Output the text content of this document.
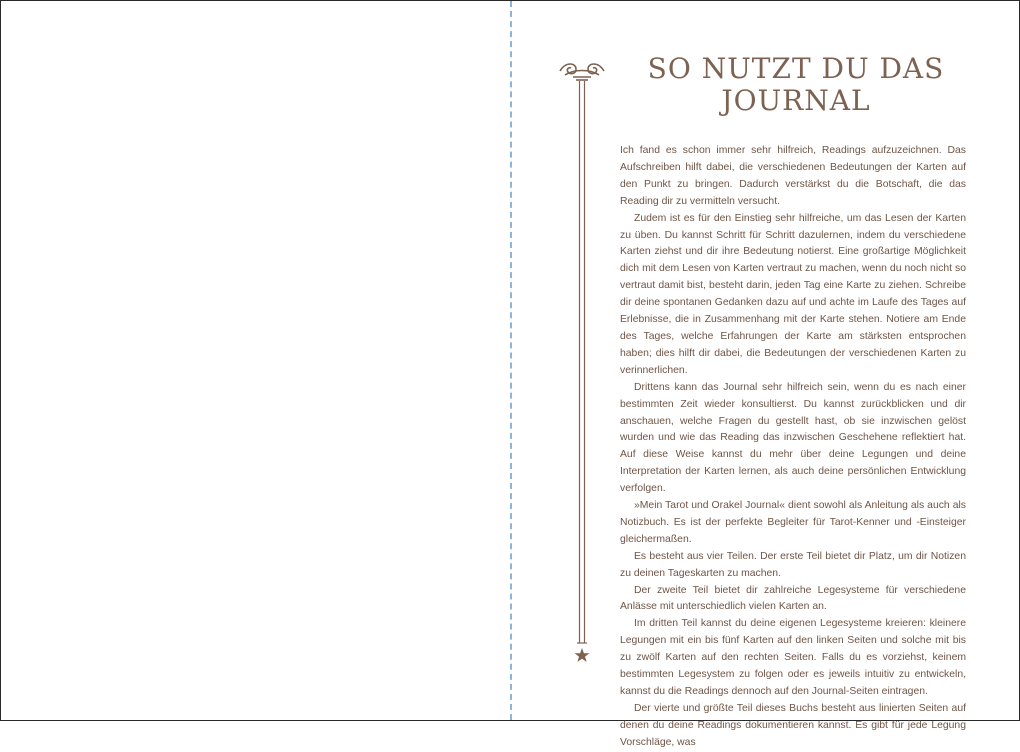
SO NUTZT DU DAS
JOURNAL

Ich fand es schon immer sehr hilfreich, Readings aufzuzeichnen. Das Aufschreiben hilft dabei, die verschiedenen Bedeutungen der Karten auf den Punkt zu bringen. Dadurch verstärkst du die Botschaft, die das Reading dir zu vermitteln versucht.

Zudem ist es für den Einstieg sehr hilfreiche, um das Lesen der Karten zu üben. Du kannst Schritt für Schritt dazulernen, indem du verschiedene Karten ziehst und dir ihre Bedeutung notierst. Eine großartige Möglichkeit dich mit dem Lesen von Karten vertraut zu machen, wenn du noch nicht so vertraut damit bist, besteht darin, jeden Tag eine Karte zu ziehen. Schreibe dir deine spontanen Gedanken dazu auf und achte im Laufe des Tages auf Erlebnisse, die in Zusammenhang mit der Karte stehen. Notiere am Ende des Tages, welche Erfahrungen der Karte am stärksten entsprochen haben; dies hilft dir dabei, die Bedeutungen der verschiedenen Karten zu verinnerlichen.

Drittens kann das Journal sehr hilfreich sein, wenn du es nach einer bestimmten Zeit wieder konsultierst. Du kannst zurückblicken und dir anschauen, welche Fragen du gestellt hast, ob sie inzwischen gelöst wurden und wie das Reading das inzwischen Geschehene reflektiert hat. Auf diese Weise kannst du mehr über deine Legungen und deine Interpretation der Karten lernen, als auch deine persönlichen Entwicklung verfolgen.

»Mein Tarot und Orakel Journal« dient sowohl als Anleitung als auch als Notizbuch. Es ist der perfekte Begleiter für Tarot-Kenner und -Einsteiger gleichermaßen.

Es besteht aus vier Teilen. Der erste Teil bietet dir Platz, um dir Notizen zu deinen Tageskarten zu machen.

Der zweite Teil bietet dir zahlreiche Legesysteme für verschiedene Anlässe mit unterschiedlich vielen Karten an.

Im dritten Teil kannst du deine eigenen Legesysteme kreieren: kleinere Legungen mit ein bis fünf Karten auf den linken Seiten und solche mit bis zu zwölf Karten auf den rechten Seiten. Falls du es vorziehst, keinem bestimmten Legesystem zu folgen oder es jeweils intuitiv zu entwickeln, kannst du die Readings dennoch auf den Journal-Seiten eintragen.

Der vierte und größte Teil dieses Buchs besteht aus linierten Seiten auf denen du deine Readings dokumentieren kannst. Es gibt für jede Legung Vorschläge, was
